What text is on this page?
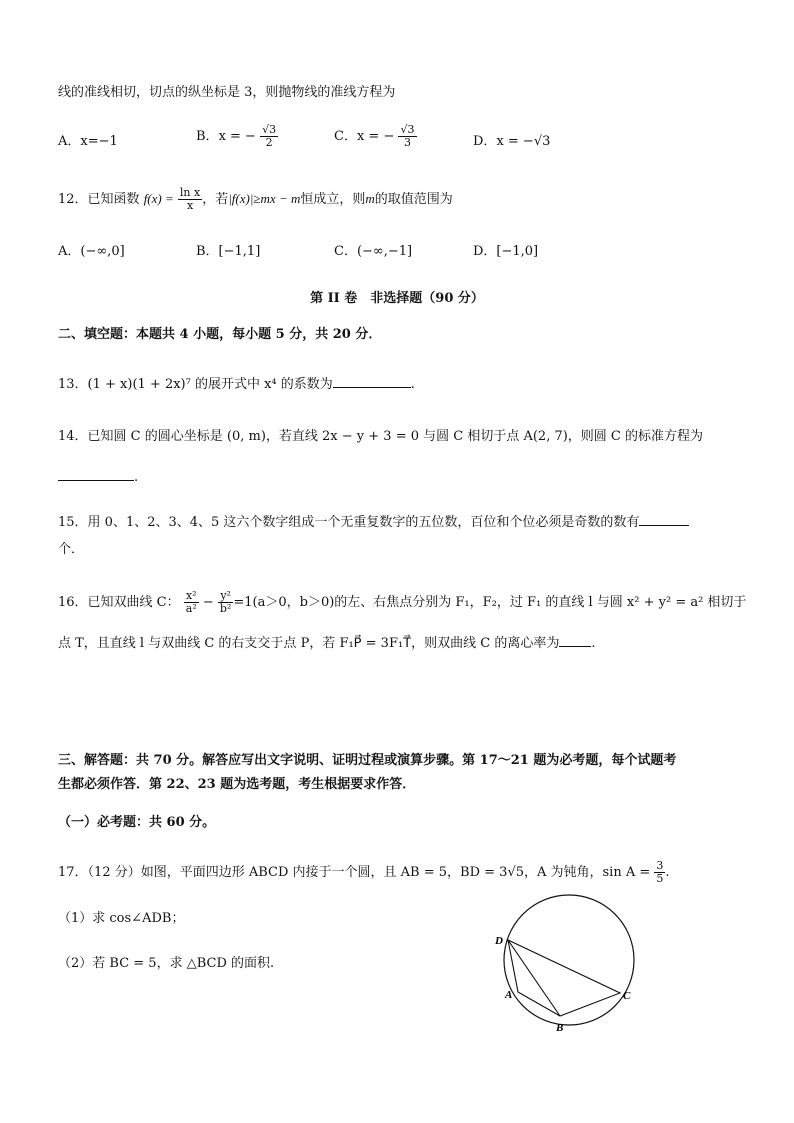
线的准线相切，切点的纵坐标是 3，则抛物线的准线方程为
A．x=−1	B．x = − $\frac{√3}{2}$	C．x = − $\frac{√3}{3}$	D．x = −√3
12．已知函数 $f(x) = \frac{\text{ln x}}{x}$ ，若|f(x)|≥mx − m恒成立，则m的取值范围为
A．(−∞,0]	B．[−1,1]	C．(−∞,−1]	D．[−1,0]
第 II 卷　非选择题（90 分）
二、填空题：本题共 4 小题，每小题 5 分，共 20 分．
13．(1 + x)(1 + 2x)⁷ 的展开式中 x⁴ 的系数为	.
14．已知圆 C 的圆心坐标是 (0, m)，若直线 2x − y + 3 = 0 与圆 C 相切于点 A(2, 7)，则圆 C 的标准方程为
.
15．用 0、1、2、3、4、5 这六个数字组成一个无重复数字的五位数，百位和个位必须是奇数的数有
个．
16．已知双曲线 C： $\frac{\text{x²}}{\text{a²}} - \frac{\text{y²}}{\text{b²}} =1(a>0$，b＞0)的左、右焦点分别为 F₁，F₂，过 F₁ 的直线 l 与圆 x² + y² = a² 相切于
点 T，且直线 l 与双曲线 C 的右支交于点 P，若 F₁P⃗ = 3F₁T⃗，则双曲线 C 的离心率为 .
三、解答题：共 70 分。解答应写出文字说明、证明过程或演算步骤。第 17～21 题为必考题，每个试题考
生都必须作答．第 22、23 题为选考题，考生根据要求作答．
（一）必考题：共 60 分。
17．（12 分）如图，平面四边形 ABCD 内接于一个圆，且 AB = 5，BD = 3√5，A 为钝角，$\sin A = \frac{3}{5}$ .
（1）求 cos∠ADB；
（2）若 BC = 5，求 △BCD 的面积.
D
A
B
C
